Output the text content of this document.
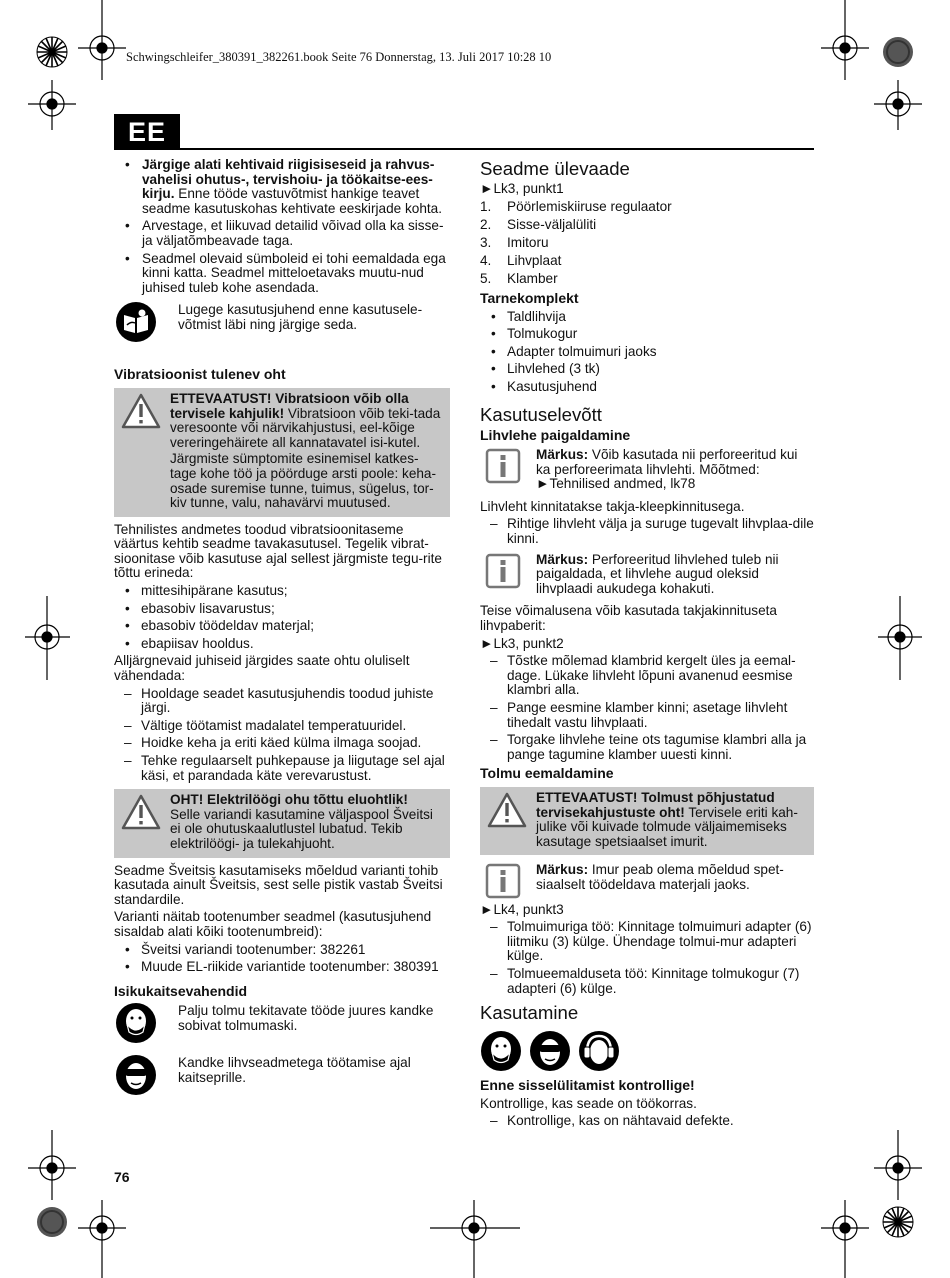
Schwingschleifer_380391_382261.book Seite 76 Donnerstag, 13. Juli 2017 10:28 10
EE
• Järgige alati kehtivaid riigisiseseid ja rahvus-vahelisi ohutus-, tervishoiu- ja töökaitse-ees-kirju. Enne tööde vastuvõtmist hankige teavet seadme kasutuskohas kehtivate eeskirjade kohta.
• Arvestage, et liikuvad detailid võivad olla ka sisse- ja väljatõmbeavade taga.
• Seadmel olevaid sümboleid ei tohi eemaldada ega kinni katta. Seadmel mitteloetavaks muutu-nud juhised tuleb kohe asendada.
Lugege kasutusjuhend enne kasutusele-võtmist läbi ning järgige seda.
Vibratsioonist tulenev oht

ETTEVAATUST! Vibratsioon võib olla tervisele kahjulik! Vibratsioon võib teki-tada veresoonte või närvikahjustusi, eel-kõige vereringehäirete all kannatavatel isi-kutel.

Järgmiste sümptomite esinemisel katkes-tage kohe töö ja pöörduge arsti poole: keha-osade suremise tunne, tuimus, sügelus, tor-kiv tunne, valu, nahavärvi muutused.

Tehnilistes andmetes toodud vibratsioonitaseme väärtus kehtib seadme tavakasutusel. Tegelik vibrat-sioonitase võib kasutuse ajal sellest järgmiste tegu-rite tõttu erineda:

• mittesihipärane kasutus;
• ebasobiv lisavarustus;
• ebasobiv töödeldav materjal;
• ebapiisav hooldus.

Alljärgnevaid juhiseid järgides saate ohtu oluliselt vähendada:

– Hooldage seadet kasutusjuhendis toodud juhiste järgi.
– Vältige töötamist madalatel temperatuuridel.
– Hoidke keha ja eriti käed külma ilmaga soojad.
– Tehke regulaarselt puhkepause ja liigutage sel ajal käsi, et parandada käte verevarustust.

OHT! Elektrilöögi ohu tõttu eluohtlik!
Selle variandi kasutamine väljaspool Šveitsi ei ole ohutuskaalutlustel lubatud. Tekib elektrilöögi- ja tulekahjuoht.

Seadme Šveitsis kasutamiseks mõeldud varianti tohib kasutada ainult Šveitsis, sest selle pistik vastab Šveitsi standardile.

Varianti näitab tootenumber seadmel (kasutusjuhend sisaldab alati kõiki tootenumbreid):

• Šveitsi variandi tootenumber: 382261
• Muude EL-riikide variantide tootenumber: 380391
Isikukaitsevahendid
Palju tolmu tekitavate tööde juures kandke sobivat tolmumaski.
Kandke lihvseadmetega töötamise ajal kaitseprille.
Seadme ülevaade

►Lk3, punkt1

1. Pöörlemiskiiruse regulaator
2. Sisse-väljalüliti
3. Imitoru
4. Lihvplaat
5. Klamber
Tarnekomplekt
• Taldlihvija
• Tolmukogur
• Adapter tolmuimuri jaoks
• Lihvlehed (3 tk)
• Kasutusjuhend
Kasutuselevõtt
Lihvlehe paigaldamine
Märkus: Võib kasutada nii perforeeritud kui ka perforeerimata lihvlehti. Mõõtmed: ►Tehnilised andmed, lk78

Lihvleht kinnitatakse takja-kleepkinnitusega.

– Rihtige lihvleht välja ja suruge tugevalt lihvplaa-dile kinni.
Märkus: Perforeeritud lihvlehed tuleb nii paigaldada, et lihvlehe augud oleksid lihvplaadi aukudega kohakuti.

Teise võimalusena võib kasutada takjakinnituseta lihvpaberit:

►Lk3, punkt2

– Tõstke mõlemad klambrid kergelt üles ja eemal-dage. Lükake lihvleht lõpuni avanenud eesmise klambri alla.
– Pange eesmine klamber kinni; asetage lihvleht tihedalt vastu lihvplaati.
– Torgake lihvlehe teine ots tagumise klambri alla ja pange tagumine klamber uuesti kinni.
Tolmu eemaldamine

ETTEVAATUST! Tolmust põhjustatud tervisekahjustuste oht! Tervisele eriti kah-julike või kuivade tolmude väljaimemiseks kasutage spetsiaalset imurit.

Märkus: Imur peab olema mõeldud spet-siaalselt töödeldava materjali jaoks.

►Lk4, punkt3

– Tolmuimuriga töö: Kinnitage tolmuimuri adapter (6) liitmiku (3) külge. Ühendage tolmui-mur adapteri külge.
– Tolmueemalduseta töö: Kinnitage tolmukogur (7) adapteri (6) külge.
Kasutamine
Enne sisselülitamist kontrollige!

Kontrollige, kas seade on töökorras.

– Kontrollige, kas on nähtavaid defekte.
76
